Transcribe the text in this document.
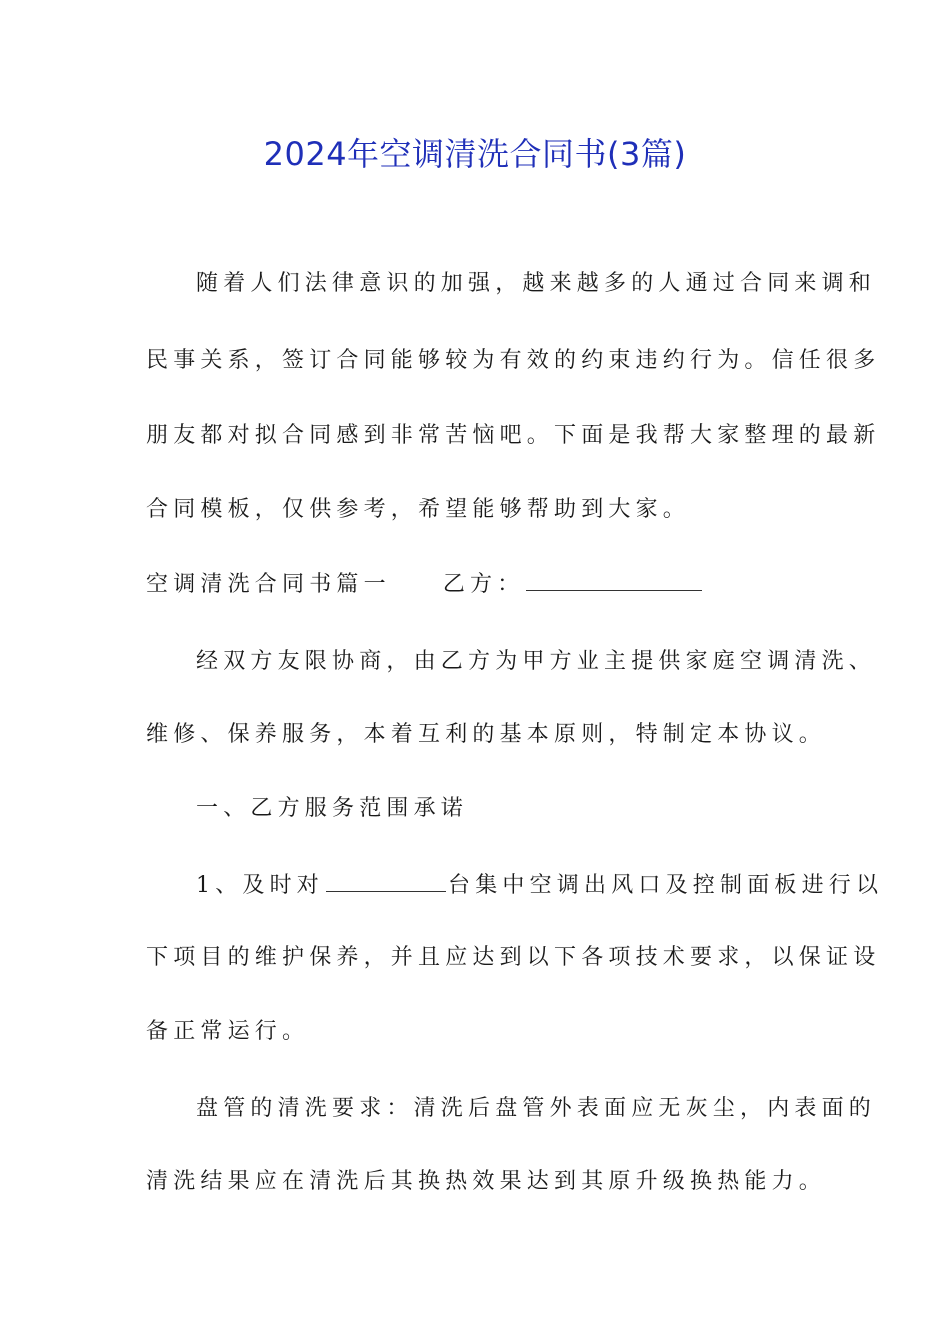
2024年空调清洗合同书(3篇)
随着人们法律意识的加强，越来越多的人通过合同来调和
民事关系，签订合同能够较为有效的约束违约行为。信任很多
朋友都对拟合同感到非常苦恼吧。下面是我帮大家整理的最新
合同模板，仅供参考，希望能够帮助到大家。
空调清洗合同书篇一 乙方：
经双方友限协商，由乙方为甲方业主提供家庭空调清洗、
维修、保养服务，本着互利的基本原则，特制定本协议。
一、乙方服务范围承诺
1、及时对	台集中空调出风口及控制面板进行以
下项目的维护保养，并且应达到以下各项技术要求，以保证设
备正常运行。
盘管的清洗要求：清洗后盘管外表面应无灰尘，内表面的
清洗结果应在清洗后其换热效果达到其原升级换热能力。
